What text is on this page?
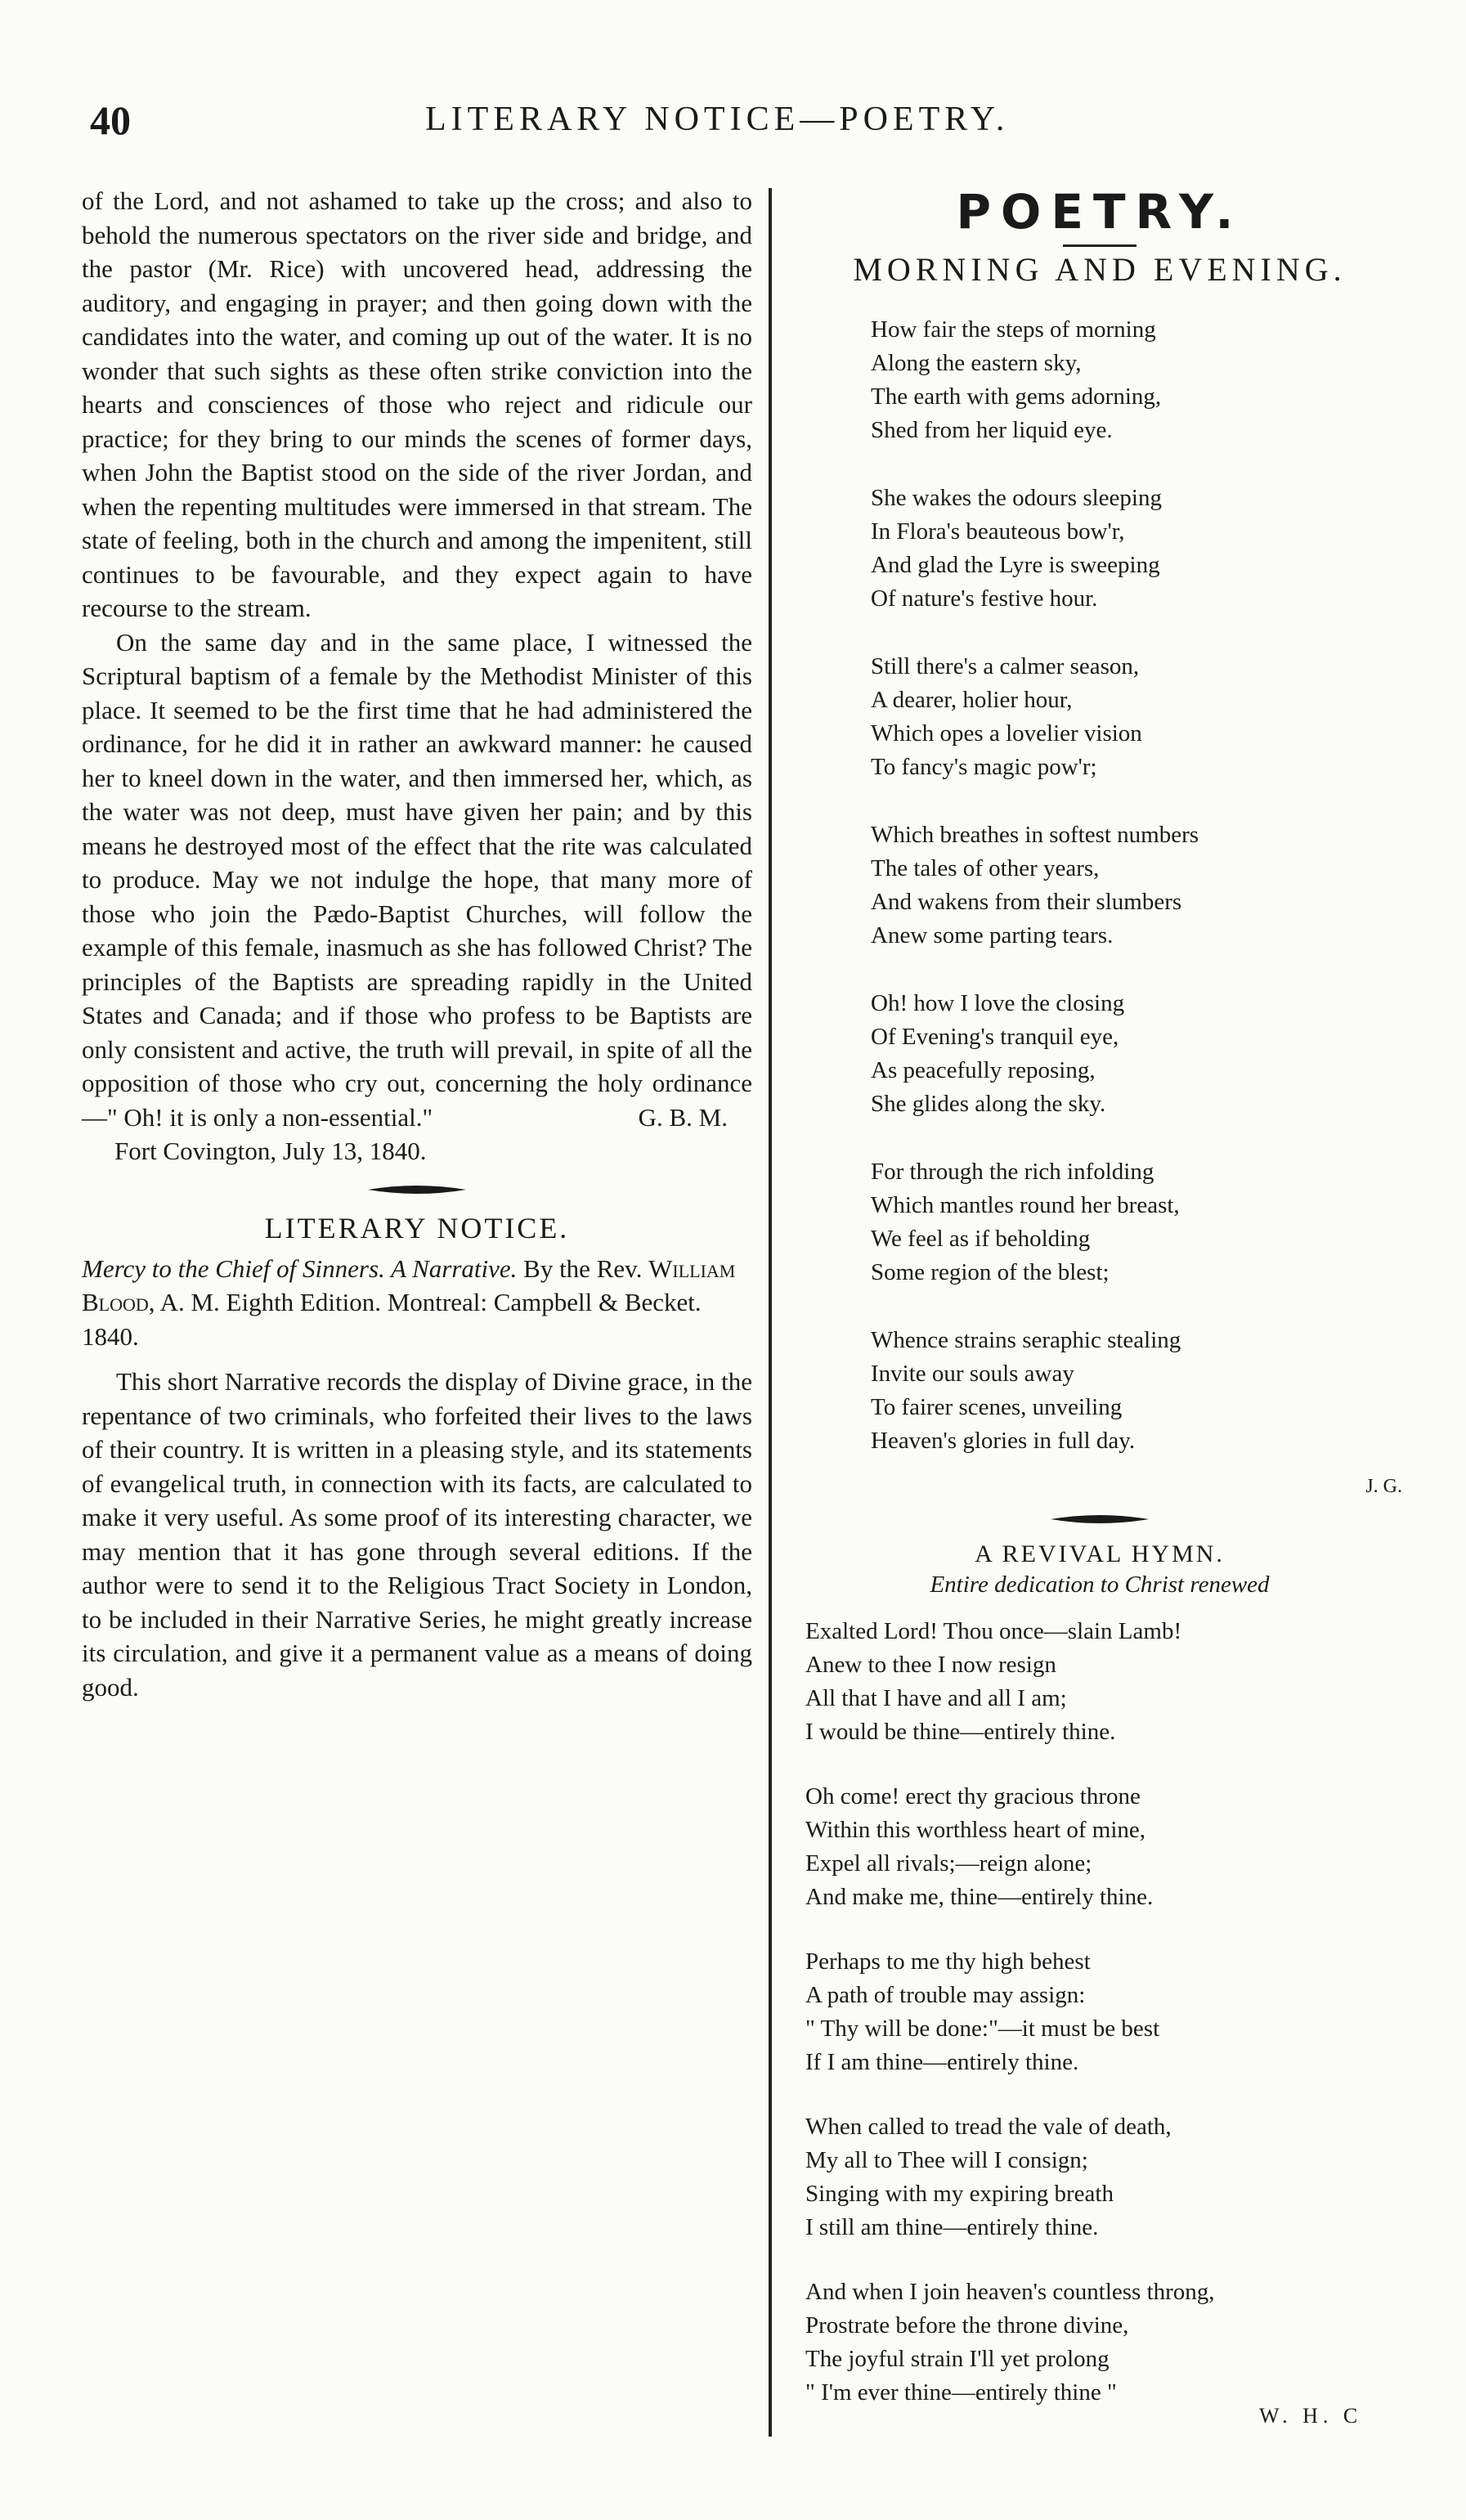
40	LITERARY NOTICE—POETRY.

of the Lord, and not ashamed to take up the cross; and also to behold the numerous spectators on the river side and bridge, and the pastor (Mr. Rice) with uncovered head, addressing the auditory, and engaging in prayer; and then going down with the candidates into the water, and coming up out of the water. It is no wonder that such sights as these often strike conviction into the hearts and consciences of those who reject and ridicule our practice; for they bring to our minds the scenes of former days, when John the Baptist stood on the side of the river Jordan, and when the repenting multitudes were immersed in that stream. The state of feeling, both in the church and among the impenitent, still continues to be favourable, and they expect again to have recourse to the stream.

On the same day and in the same place, I witnessed the Scriptural baptism of a female by the Methodist Minister of this place. It seemed to be the first time that he had administered the ordinance, for he did it in rather an awkward manner: he caused her to kneel down in the water, and then immersed her, which, as the water was not deep, must have given her pain; and by this means he destroyed most of the effect that the rite was calculated to produce. May we not indulge the hope, that many more of those who join the Pædo-Baptist Churches, will follow the example of this female, inasmuch as she has followed Christ? The principles of the Baptists are spreading rapidly in the United States and Canada; and if those who profess to be Baptists are only consistent and active, the truth will prevail, in spite of all the opposition of those who cry out, concerning the holy ordinance—" Oh! it is only a non-essential."	G. B. M.

Fort Covington, July 13, 1840.

LITERARY NOTICE.

Mercy to the Chief of Sinners. A Narrative. By the Rev. William Blood, A. M. Eighth Edition. Montreal: Campbell & Becket. 1840.

This short Narrative records the display of Divine grace, in the repentance of two criminals, who forfeited their lives to the laws of their country. It is written in a pleasing style, and its statements of evangelical truth, in connection with its facts, are calculated to make it very useful. As some proof of its interesting character, we may mention that it has gone through several editions. If the author were to send it to the Religious Tract Society in London, to be included in their Narrative Series, he might greatly increase its circulation, and give it a permanent value as a means of doing good.

POETRY.
MORNING AND EVENING.
How fair the steps of morning
Along the eastern sky,
The earth with gems adorning,
Shed from her liquid eye.
She wakes the odours sleeping
In Flora's beauteous bow'r,
And glad the Lyre is sweeping
Of nature's festive hour.
Still there's a calmer season,
A dearer, holier hour,
Which opes a lovelier vision
To fancy's magic pow'r;
Which breathes in softest numbers
The tales of other years,
And wakens from their slumbers
Anew some parting tears.
Oh! how I love the closing
Of Evening's tranquil eye,
As peacefully reposing,
She glides along the sky.
For through the rich infolding
Which mantles round her breast,
We feel as if beholding
Some region of the blest;
Whence strains seraphic stealing
Invite our souls away
To fairer scenes, unveiling
Heaven's glories in full day.
J. G.
A REVIVAL HYMN.
Entire dedication to Christ renewed
Exalted Lord! Thou once—slain Lamb!
Anew to thee I now resign
All that I have and all I am;
I would be thine—entirely thine.
Oh come! erect thy gracious throne
Within this worthless heart of mine,
Expel all rivals;—reign alone;
And make me, thine—entirely thine.
Perhaps to me thy high behest
A path of trouble may assign:
" Thy will be done:"—it must be best
If I am thine—entirely thine.
When called to tread the vale of death,
My all to Thee will I consign;
Singing with my expiring breath
I still am thine—entirely thine.
And when I join heaven's countless throng,
Prostrate before the throne divine,
The joyful strain I'll yet prolong
" I'm ever thine—entirely thine "
W. H. C
